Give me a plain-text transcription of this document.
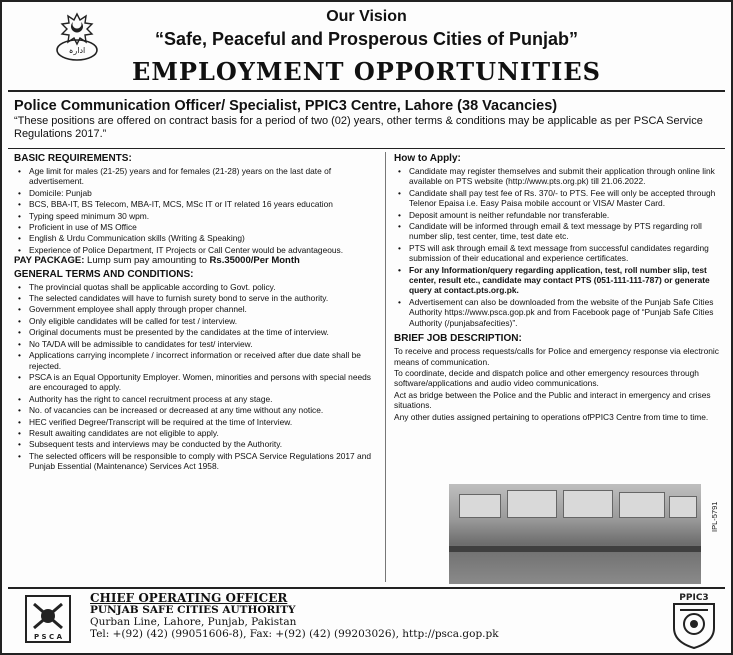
ادارہ
Our Vision
“Safe, Peaceful and Prosperous Cities of Punjab”
EMPLOYMENT OPPORTUNITIES
Police Communication Officer/ Specialist, PPIC3 Centre, Lahore (38 Vacancies)
“These positions are offered on contract basis for a period of two (02) years, other terms & conditions may be applicable as per PSCA Service Regulations 2017.”
BASIC REQUIREMENTS:
• Age limit for males (21-25) years and for females (21-28) years on the last date of advertisement.
• Domicile: Punjab
• BCS, BBA-IT, BS Telecom, MBA-IT, MCS, MSc IT or IT related 16 years education
• Typing speed minimum 30 wpm.
• Proficient in use of MS Office
• English & Urdu Communication skills (Writing & Speaking)
• Experience of Police Department, IT Projects or Call Center would be advantageous.
PAY PACKAGE: Lump sum pay amounting to Rs.35000/Per Month
GENERAL TERMS AND CONDITIONS:
• The provincial quotas shall be applicable according to Govt. policy.
• The selected candidates will have to furnish surety bond to serve in the authority.
• Government employee shall apply through proper channel.
• Only eligible candidates will be called for test / interview.
• Original documents must be presented by the candidates at the time of interview.
• No TA/DA will be admissible to candidates for test/ interview.
• Applications carrying incomplete / incorrect information or received after due date shall be rejected.
• PSCA is an Equal Opportunity Employer. Women, minorities and persons with special needs are encouraged to apply.
• Authority has the right to cancel recruitment process at any stage.
• No. of vacancies can be increased or decreased at any time without any notice.
• HEC verified Degree/Transcript will be required at the time of Interview.
• Result awaiting candidates are not eligible to apply.
• Subsequent tests and interviews may be conducted by the Authority.
• The selected officers will be responsible to comply with PSCA Service Regulations 2017 and Punjab Essential (Maintenance) Services Act 1958.
How to Apply:
• Candidate may register themselves and submit their application through online link available on PTS website (http://www.pts.org.pk) till 21.06.2022.
• Candidate shall pay test fee of Rs. 370/- to PTS. Fee will only be accepted through Telenor Epaisa i.e. Easy Paisa mobile account or VISA/ Master Card.
• Deposit amount is neither refundable nor transferable.
• Candidate will be informed through email & text message by PTS regarding roll number slip, test center, time, test date etc.
• PTS will ask through email & text message from successful candidates regarding submission of their educational and experience certificates.
• For any Information/query regarding application, test, roll number slip, test center, result etc., candidate may contact PTS (051-111-111-787) or generate query at contact.pts.org.pk.
• Advertisement can also be downloaded from the website of the Punjab Safe Cities Authority https://www.psca.gop.pk and from Facebook page of “Punjab Safe Cities Authority (/punjabsafecities)”.
BRIEF JOB DESCRIPTION:

To receive and process requests/calls for Police and emergency response via electronic means of communication.

To coordinate, decide and dispatch police and other emergency resources through software/applications and audio video communications.

Act as bridge between the Police and the Public and interact in emergency and crises situations.

Any other duties assigned pertaining to operations ofPPIC3 Centre from time to time.

IPL-5791
P S C A
CHIEF OPERATING OFFICER
PUNJAB SAFE CITIES AUTHORITY
Qurban Line, Lahore, Punjab, Pakistan
Tel: +(92) (42) (99051606-8), Fax: +(92) (42) (99203026), http://psca.gop.pk
PPIC3
